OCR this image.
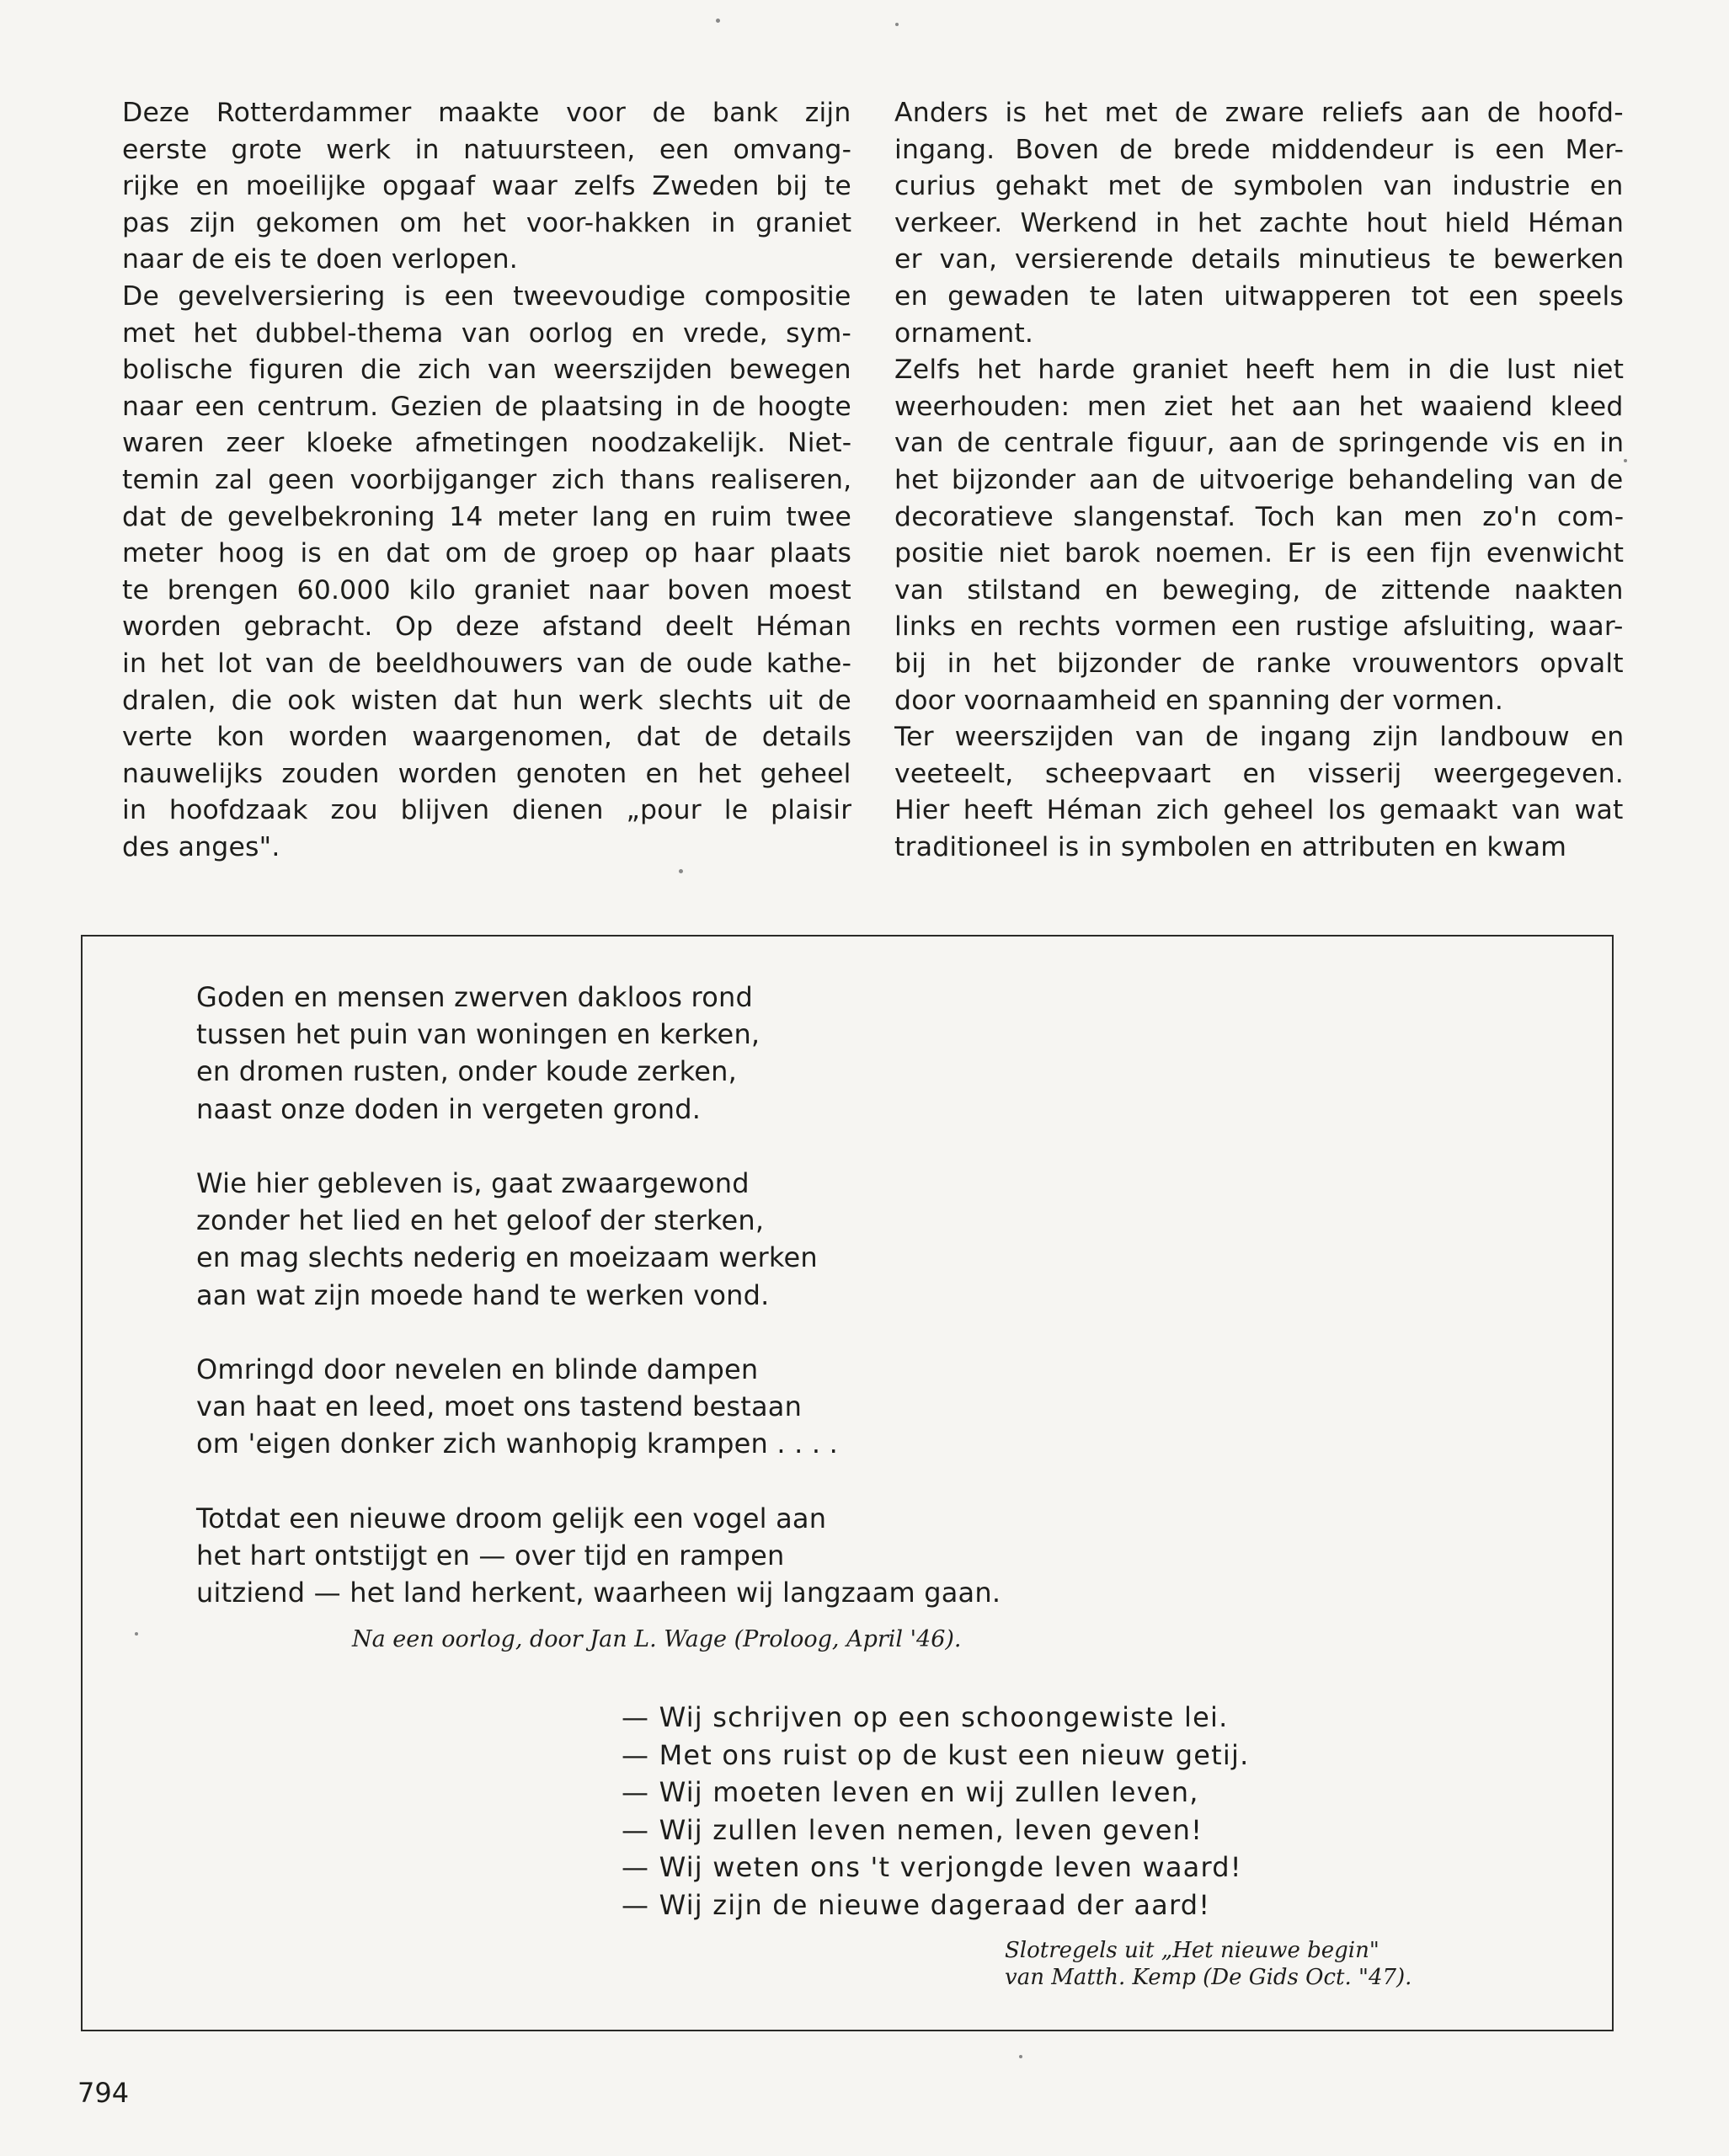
Deze Rotterdammer maakte voor de bank zijn
eerste grote werk in natuursteen, een omvang-
rijke en moeilijke opgaaf waar zelfs Zweden bij te
pas zijn gekomen om het voor-hakken in graniet
naar de eis te doen verlopen.

De gevelversiering is een tweevoudige compositie
met het dubbel-thema van oorlog en vrede, sym-
bolische figuren die zich van weerszijden bewegen
naar een centrum. Gezien de plaatsing in de hoogte
waren zeer kloeke afmetingen noodzakelijk. Niet-
temin zal geen voorbijganger zich thans realiseren,
dat de gevelbekroning 14 meter lang en ruim twee
meter hoog is en dat om de groep op haar plaats
te brengen 60.000 kilo graniet naar boven moest
worden gebracht. Op deze afstand deelt Héman
in het lot van de beeldhouwers van de oude kathe-
dralen, die ook wisten dat hun werk slechts uit de
verte kon worden waargenomen, dat de details
nauwelijks zouden worden genoten en het geheel
in hoofdzaak zou blijven dienen „pour le plaisir
des anges".

Anders is het met de zware reliefs aan de hoofd-
ingang. Boven de brede middendeur is een Mer-
curius gehakt met de symbolen van industrie en
verkeer. Werkend in het zachte hout hield Héman
er van, versierende details minutieus te bewerken
en gewaden te laten uitwapperen tot een speels
ornament.

Zelfs het harde graniet heeft hem in die lust niet
weerhouden: men ziet het aan het waaiend kleed
van de centrale figuur, aan de springende vis en in
het bijzonder aan de uitvoerige behandeling van de
decoratieve slangenstaf. Toch kan men zo'n com-
positie niet barok noemen. Er is een fijn evenwicht
van stilstand en beweging, de zittende naakten
links en rechts vormen een rustige afsluiting, waar-
bij in het bijzonder de ranke vrouwentors opvalt
door voornaamheid en spanning der vormen.

Ter weerszijden van de ingang zijn landbouw en
veeteelt, scheepvaart en visserij weergegeven.
Hier heeft Héman zich geheel los gemaakt van wat
traditioneel is in symbolen en attributen en kwam

Goden en mensen zwerven dakloos rond
tussen het puin van woningen en kerken,
en dromen rusten, onder koude zerken,
naast onze doden in vergeten grond.
Wie hier gebleven is, gaat zwaargewond
zonder het lied en het geloof der sterken,
en mag slechts nederig en moeizaam werken
aan wat zijn moede hand te werken vond.
Omringd door nevelen en blinde dampen
van haat en leed, moet ons tastend bestaan
om 'eigen donker zich wanhopig krampen . . . .
Totdat een nieuwe droom gelijk een vogel aan
het hart ontstijgt en — over tijd en rampen
uitziend — het land herkent, waarheen wij langzaam gaan.
Na een oorlog, door Jan L. Wage (Proloog, April '46).
— Wij schrijven op een schoongewiste lei.
— Met ons ruist op de kust een nieuw getij.
— Wij moeten leven en wij zullen leven,
— Wij zullen leven nemen, leven geven!
— Wij weten ons 't verjongde leven waard!
— Wij zijn de nieuwe dageraad der aard!
Slotregels uit „Het nieuwe begin"
van Matth. Kemp (De Gids Oct. "47).
794
